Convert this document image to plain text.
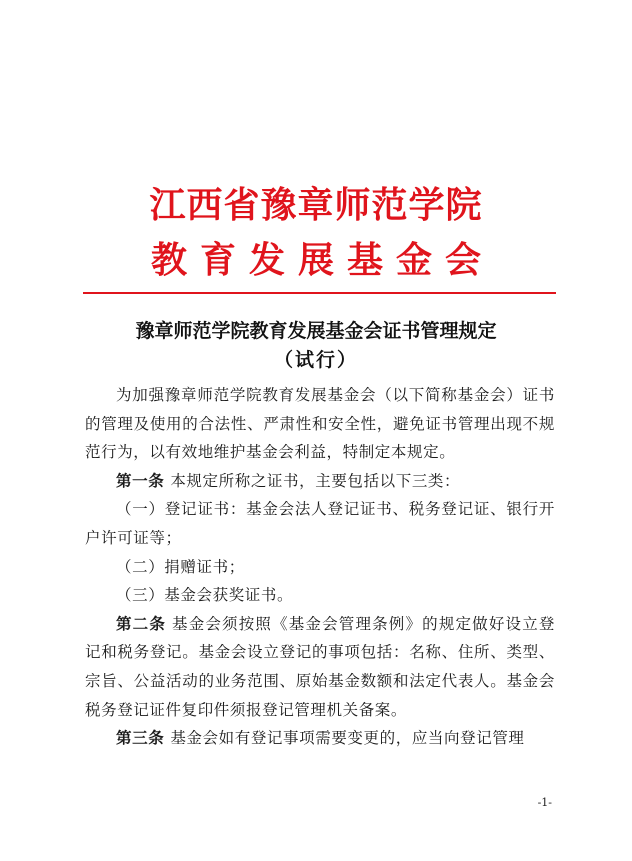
江西省豫章师范学院
教育发展基金会
豫章师范学院教育发展基金会证书管理规定
（试行）

为加强豫章师范学院教育发展基金会（以下简称基金会）证书的管理及使用的合法性、严肃性和安全性，避免证书管理出现不规范行为，以有效地维护基金会利益，特制定本规定。

第一条 本规定所称之证书，主要包括以下三类：

（一）登记证书：基金会法人登记证书、税务登记证、银行开户许可证等；

（二）捐赠证书；

（三）基金会获奖证书。

第二条 基金会须按照《基金会管理条例》的规定做好设立登记和税务登记。基金会设立登记的事项包括：名称、住所、类型、宗旨、公益活动的业务范围、原始基金数额和法定代表人。基金会税务登记证件复印件须报登记管理机关备案。

第三条 基金会如有登记事项需要变更的，应当向登记管理

-1-
